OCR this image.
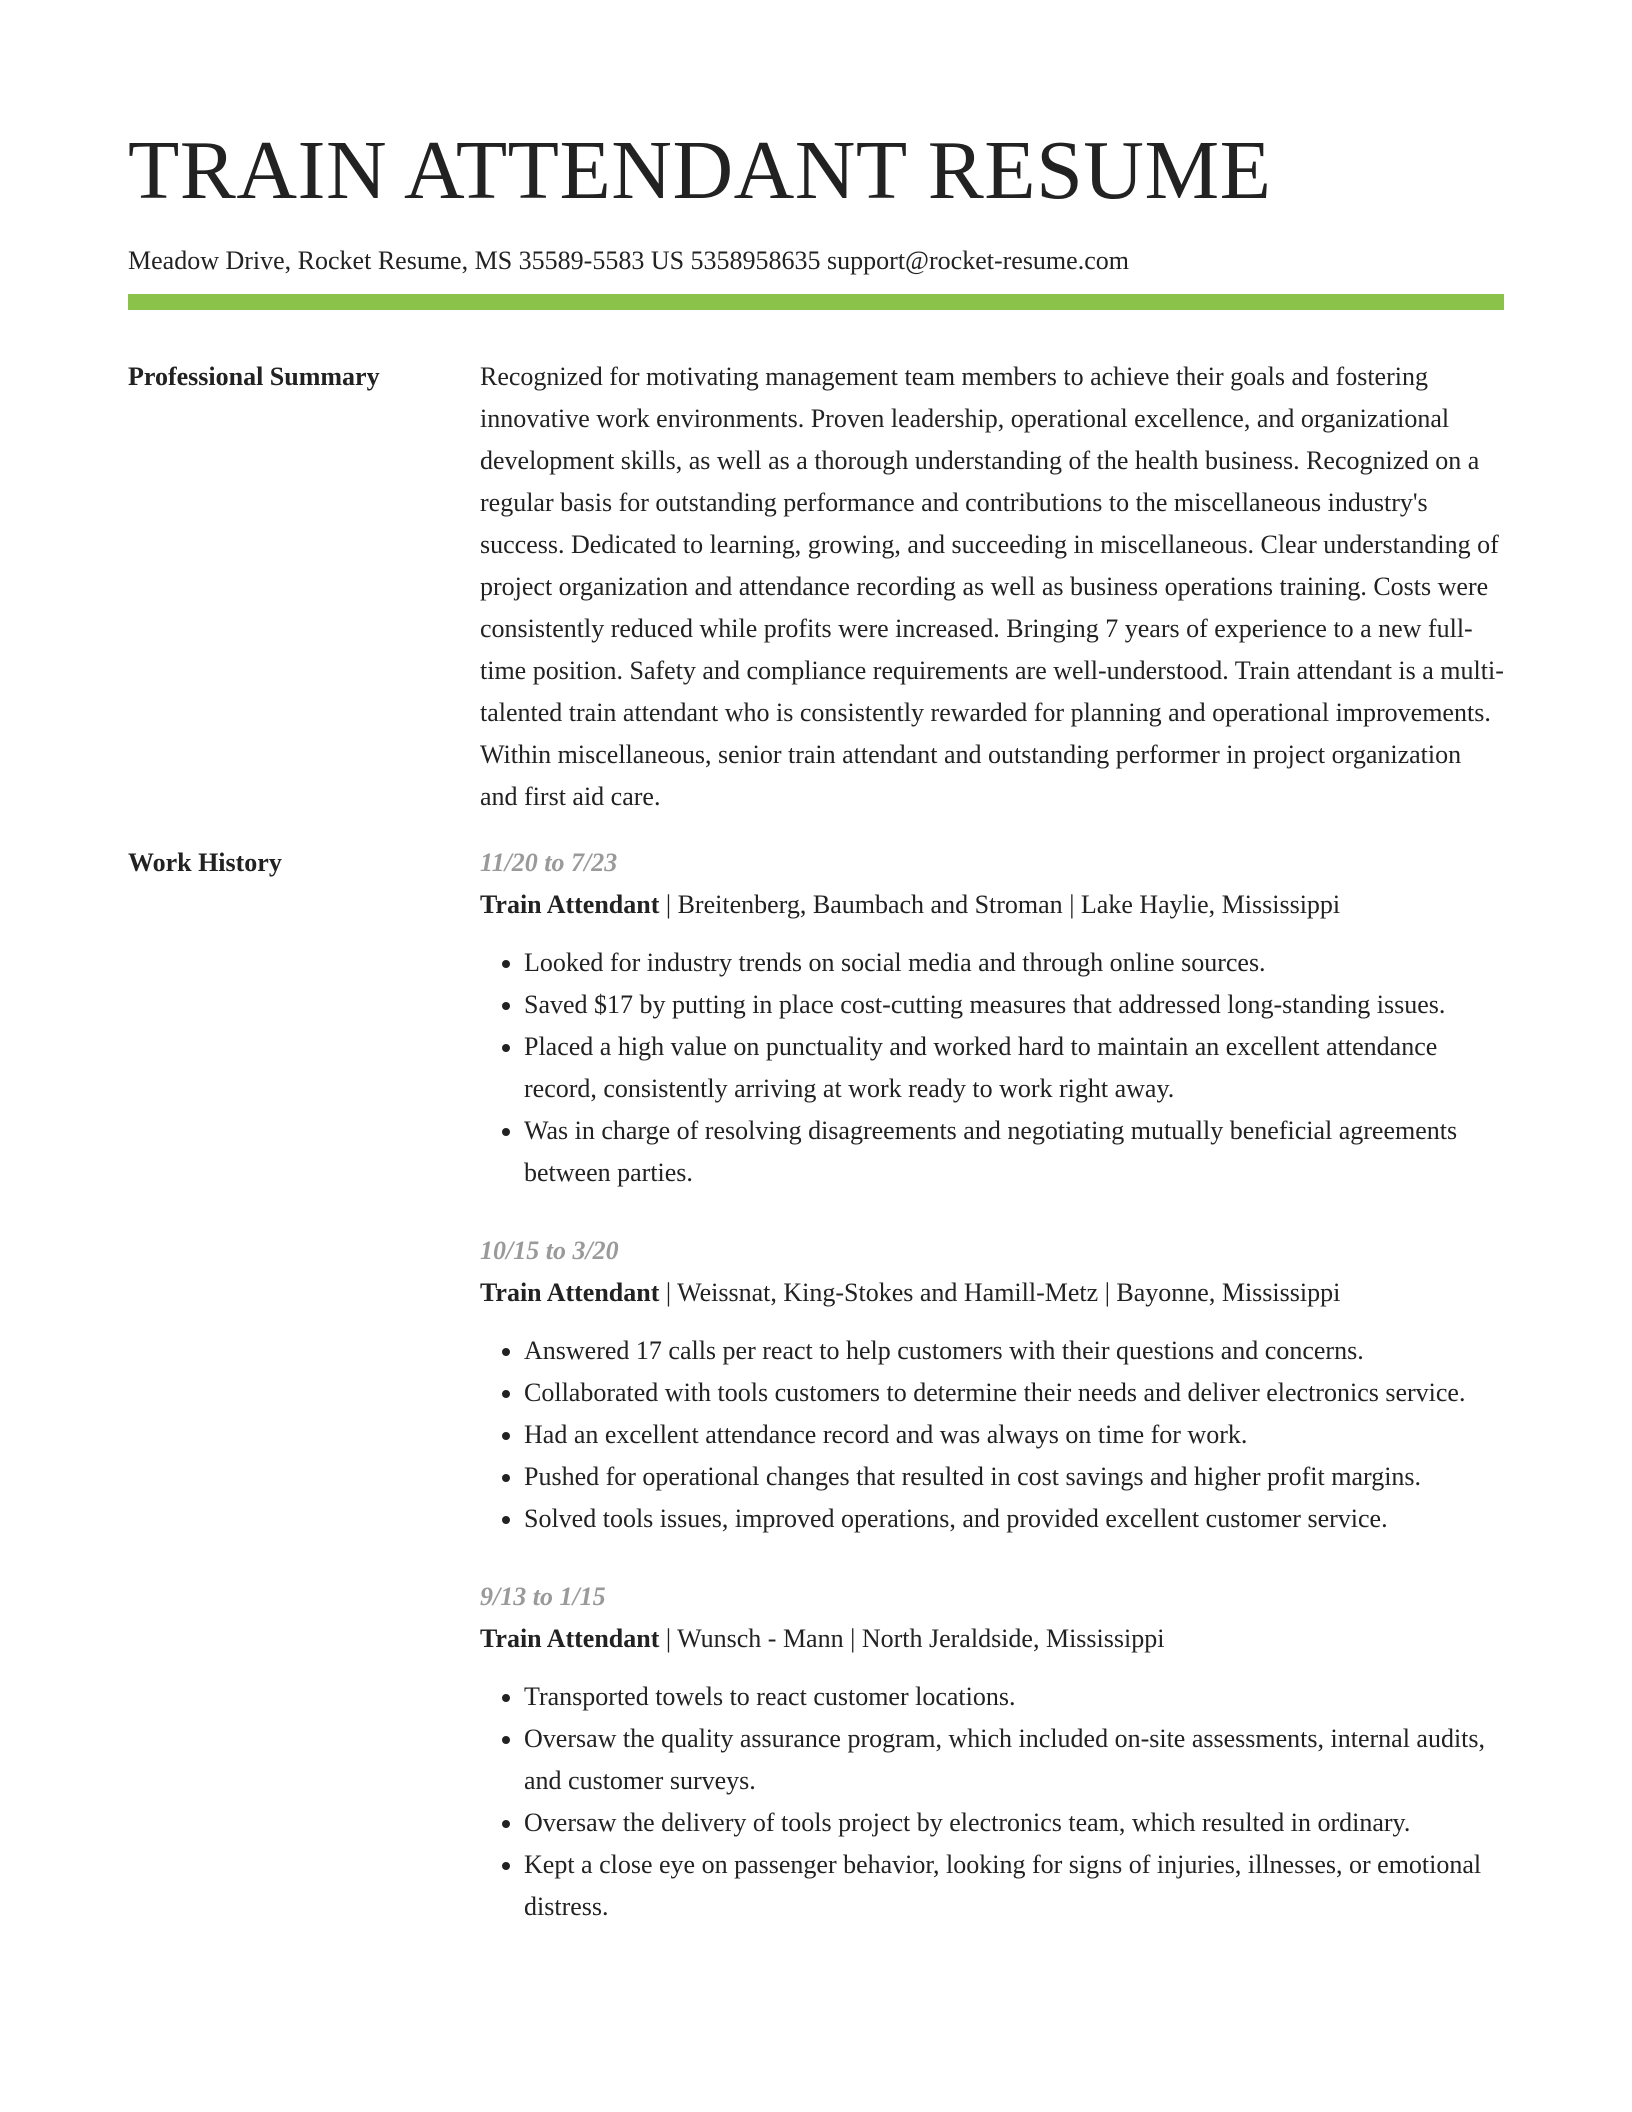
TRAIN ATTENDANT RESUME
Meadow Drive, Rocket Resume, MS 35589-5583 US 5358958635 support@rocket-resume.com
Professional Summary	Recognized for motivating management team members to achieve their goals and fostering innovative work environments. Proven leadership, operational excellence, and organizational development skills, as well as a thorough understanding of the health business. Recognized on a regular basis for outstanding performance and contributions to the miscellaneous industry's success. Dedicated to learning, growing, and succeeding in miscellaneous. Clear understanding of project organization and attendance recording as well as business operations training. Costs were consistently reduced while profits were increased. Bringing 7 years of experience to a new full-time position. Safety and compliance requirements are well-understood. Train attendant is a multi-talented train attendant who is consistently rewarded for planning and operational improvements. Within miscellaneous, senior train attendant and outstanding performer in project organization and first aid care.

Work History	11/20 to 7/23
Train Attendant | Breitenberg, Baumbach and Stroman | Lake Haylie, Mississippi
• Looked for industry trends on social media and through online sources.
• Saved $17 by putting in place cost-cutting measures that addressed long-standing issues.
• Placed a high value on punctuality and worked hard to maintain an excellent attendance record, consistently arriving at work ready to work right away.
• Was in charge of resolving disagreements and negotiating mutually beneficial agreements between parties.
10/15 to 3/20
Train Attendant | Weissnat, King-Stokes and Hamill-Metz | Bayonne, Mississippi
• Answered 17 calls per react to help customers with their questions and concerns.
• Collaborated with tools customers to determine their needs and deliver electronics service.
• Had an excellent attendance record and was always on time for work.
• Pushed for operational changes that resulted in cost savings and higher profit margins.
• Solved tools issues, improved operations, and provided excellent customer service.
9/13 to 1/15
Train Attendant | Wunsch - Mann | North Jeraldside, Mississippi
• Transported towels to react customer locations.
• Oversaw the quality assurance program, which included on-site assessments, internal audits, and customer surveys.
• Oversaw the delivery of tools project by electronics team, which resulted in ordinary.
• Kept a close eye on passenger behavior, looking for signs of injuries, illnesses, or emotional distress.
